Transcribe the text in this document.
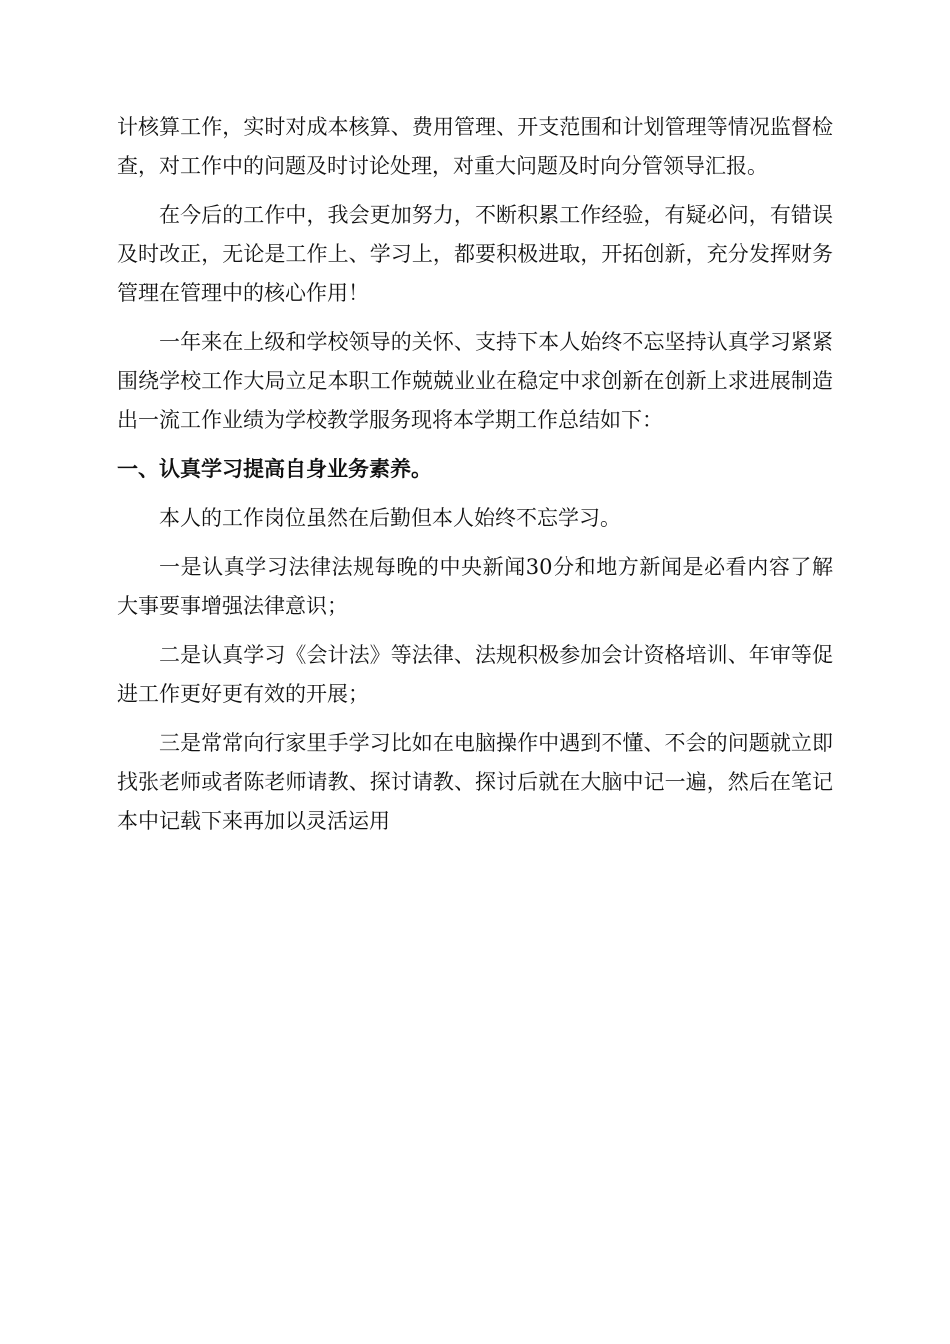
计核算工作，实时对成本核算、费用管理、开支范围和计划管理等情况监督检查，对工作中的问题及时讨论处理，对重大问题及时向分管领导汇报。

在今后的工作中，我会更加努力，不断积累工作经验，有疑必问，有错误及时改正，无论是工作上、学习上，都要积极进取，开拓创新，充分发挥财务管理在管理中的核心作用！

一年来在上级和学校领导的关怀、支持下本人始终不忘坚持认真学习紧紧围绕学校工作大局立足本职工作兢兢业业在稳定中求创新在创新上求进展制造出一流工作业绩为学校教学服务现将本学期工作总结如下：

一、认真学习提高自身业务素养。

本人的工作岗位虽然在后勤但本人始终不忘学习。

一是认真学习法律法规每晚的中央新闻30分和地方新闻是必看内容了解大事要事增强法律意识；

二是认真学习《会计法》等法律、法规积极参加会计资格培训、年审等促进工作更好更有效的开展；

三是常常向行家里手学习比如在电脑操作中遇到不懂、不会的问题就立即找张老师或者陈老师请教、探讨请教、探讨后就在大脑中记一遍，然后在笔记本中记载下来再加以灵活运用
